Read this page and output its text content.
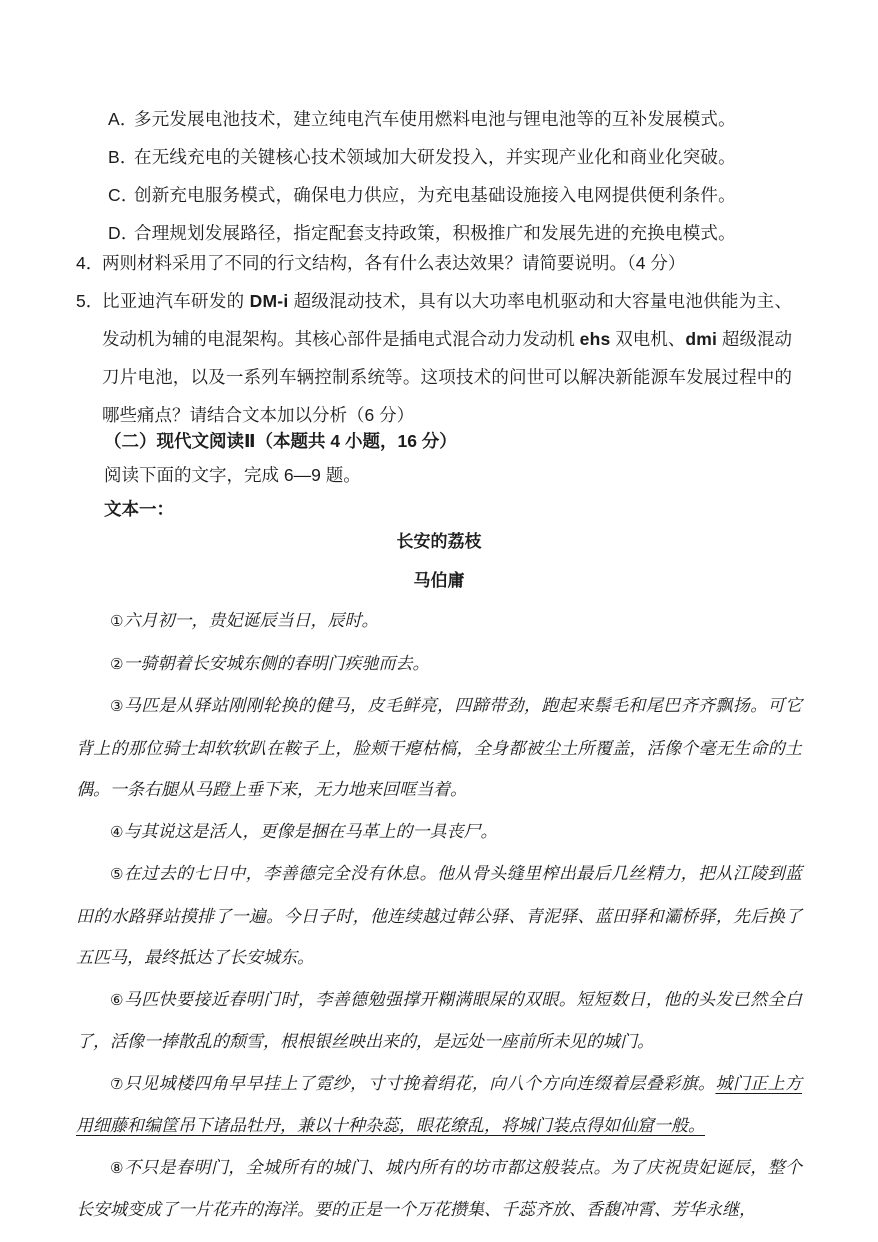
A．
多元发展电池技术，建立纯电汽车使用燃料电池与锂电池等的互补发展模式。
B．
在无线充电的关键核心技术领域加大研发投入，并实现产业化和商业化突破。
C．
创新充电服务模式，确保电力供应，为充电基础设施接入电网提供便利条件。
D．
合理规划发展路径，指定配套支持政策，积极推广和发展先进的充换电模式。
4．
两则材料采用了不同的行文结构，各有什么表达效果？请简要说明。（4 分）
5．
比亚迪汽车研发的 DM-i 超级混动技术，具有以大功率电机驱动和大容量电池供能为主、发动机为辅的电混架构。其核心部件是插电式混合动力发动机 ehs 双电机、dmi 超级混动刀片电池，以及一系列车辆控制系统等。这项技术的问世可以解决新能源车发展过程中的哪些痛点？请结合文本加以分析（6 分）
（二）现代文阅读Ⅱ（本题共 4 小题，16 分）
阅读下面的文字，完成 6—9 题。
文本一：
长安的荔枝
马伯庸

①六月初一，贵妃诞辰当日，辰时。

②一骑朝着长安城东侧的春明门疾驰而去。

③马匹是从驿站刚刚轮换的健马，皮毛鲜亮，四蹄带劲，跑起来鬃毛和尾巴齐齐飘扬。可它背上的那位骑士却软软趴在鞍子上，脸颊干瘪枯槁，全身都被尘土所覆盖，活像个毫无生命的土偶。一条右腿从马蹬上垂下来，无力地来回哐当着。

④与其说这是活人，更像是捆在马革上的一具丧尸。

⑤在过去的七日中，李善德完全没有休息。他从骨头缝里榨出最后几丝精力，把从江陵到蓝田的水路驿站摸排了一遍。今日子时，他连续越过韩公驿、青泥驿、蓝田驿和灞桥驿，先后换了五匹马，最终抵达了长安城东。

⑥马匹快要接近春明门时，李善德勉强撑开糊满眼屎的双眼。短短数日，他的头发已然全白了，活像一捧散乱的颓雪，根根银丝映出来的，是远处一座前所未见的城门。

⑦只见城楼四角早早挂上了霓纱，寸寸挽着绢花，向八个方向连缀着层叠彩旗。城门正上方用细藤和编筐吊下诸品牡丹，兼以十种杂蕊，眼花缭乱，将城门装点得如仙窟一般。

⑧不只是春明门，全城所有的城门、城内所有的坊市都这般装点。为了庆祝贵妃诞辰，整个长安城变成了一片花卉的海洋。要的正是一个万花攒集、千蕊齐放、香馥冲霄、芳华永继，
